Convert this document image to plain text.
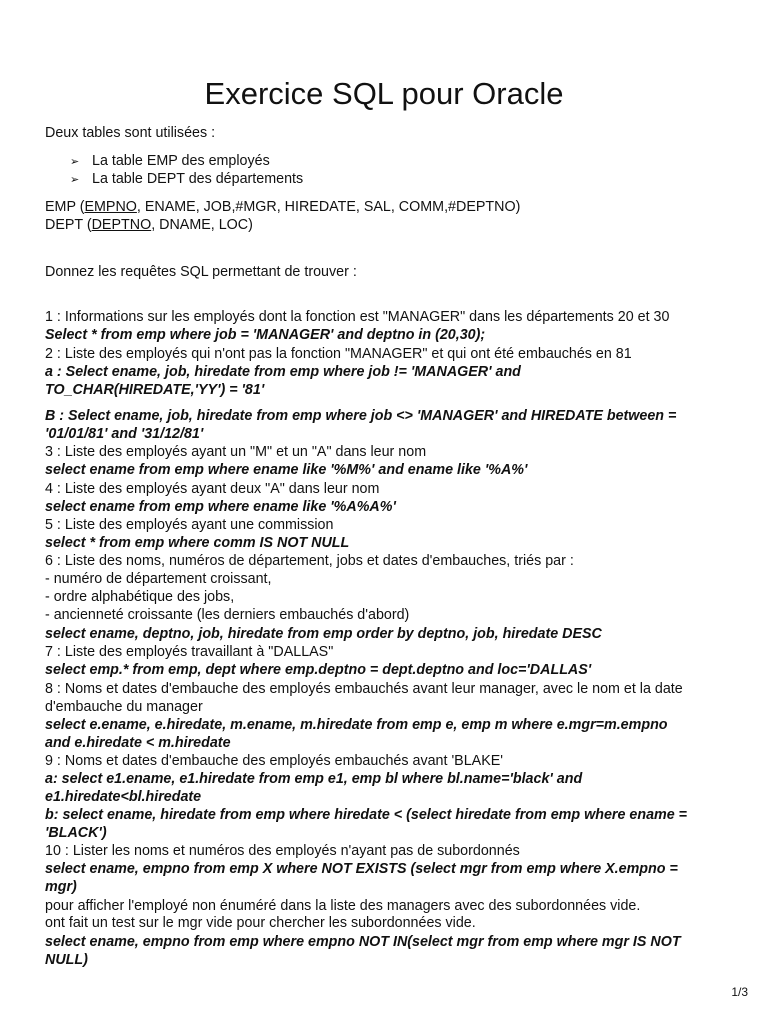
Exercice SQL pour Oracle
Deux tables sont utilisées :
➢ La table EMP des employés
➢ La table DEPT des départements
EMP (EMPNO, ENAME, JOB,#MGR, HIREDATE, SAL, COMM,#DEPTNO)
DEPT (DEPTNO, DNAME, LOC)
Donnez les requêtes SQL permettant de trouver :
1 : Informations sur les employés dont la fonction est "MANAGER" dans les départements 20 et 30
Select * from emp where job = 'MANAGER' and deptno in (20,30);
2 : Liste des employés qui n'ont pas la fonction "MANAGER" et qui ont été embauchés en 81
a : Select ename, job, hiredate from emp where job != 'MANAGER' and
TO_CHAR(HIREDATE,'YY') = '81'
B : Select ename, job, hiredate from emp where job <> 'MANAGER' and HIREDATE between =
'01/01/81' and '31/12/81'
3 : Liste des employés ayant un "M" et un "A" dans leur nom
select ename from emp where ename like '%M%' and ename like '%A%'
4 : Liste des employés ayant deux "A" dans leur nom
select ename from emp where ename like '%A%A%'
5 : Liste des employés ayant une commission
select * from emp where comm IS NOT NULL
6 : Liste des noms, numéros de département, jobs et dates d'embauches, triés par :
- numéro de département croissant,
- ordre alphabétique des jobs,
- ancienneté croissante (les derniers embauchés d'abord)
select ename, deptno, job, hiredate from emp order by deptno, job, hiredate DESC
7 : Liste des employés travaillant à "DALLAS"
select emp.* from emp, dept where emp.deptno = dept.deptno and loc='DALLAS'
8 : Noms et dates d'embauche des employés embauchés avant leur manager, avec le nom et la date
d'embauche du manager
select e.ename, e.hiredate, m.ename, m.hiredate from emp e, emp m where e.mgr=m.empno
and e.hiredate < m.hiredate
9 : Noms et dates d'embauche des employés embauchés avant 'BLAKE'
a: select e1.ename, e1.hiredate from emp e1, emp bl where bl.name='black' and
e1.hiredate<bl.hiredate
b: select ename, hiredate from emp where hiredate < (select hiredate from emp where ename =
'BLACK')
10 : Lister les noms et numéros des employés n'ayant pas de subordonnés
select ename, empno from emp X where NOT EXISTS (select mgr from emp where X.empno =
mgr)
pour afficher l'employé non énuméré dans la liste des managers avec des subordonnées vide.
ont fait un test sur le mgr vide pour chercher les subordonnées vide.
select ename, empno from emp where empno NOT IN(select mgr from emp where mgr IS NOT
NULL)
1/3
